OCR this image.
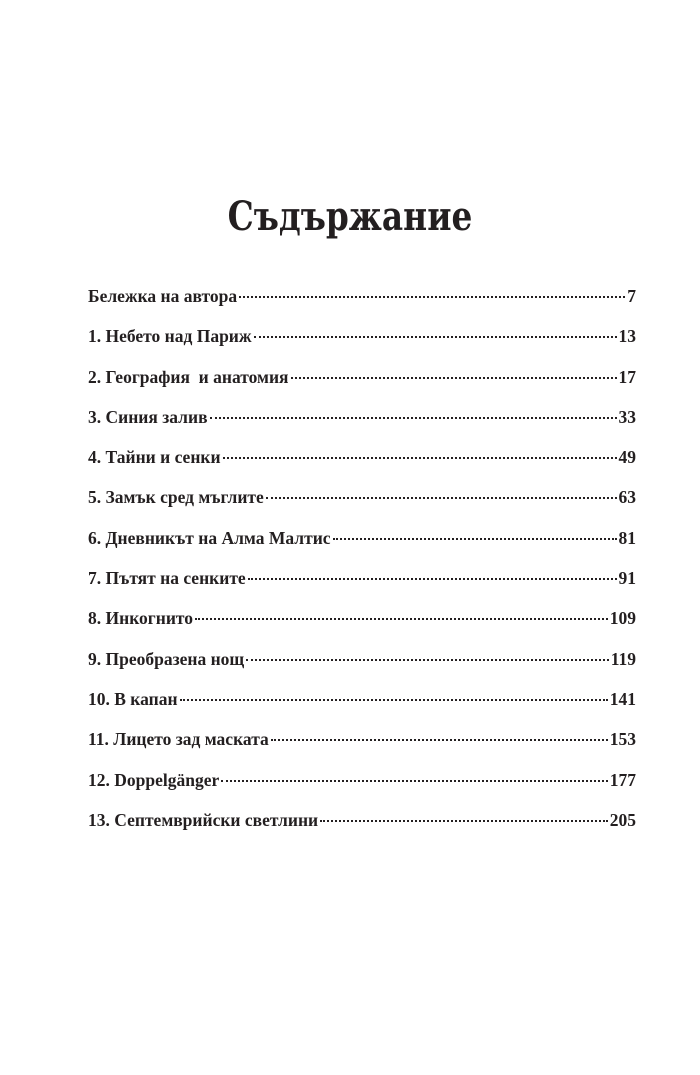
Съдържание
Бележка на автора	7
1. Небето над Париж	13
2. География  и анатомия	17
3. Синия залив	33
4. Тайни и сенки	49
5. Замък сред мъглите	63
6. Дневникът на Алма Малтис	81
7. Пътят на сенките	91
8. Инкогнито	109
9. Преобразена нощ	119
10. В капан	141
11. Лицето зад маската	153
12. Doppelgänger	177
13. Септемврийски светлини	205
